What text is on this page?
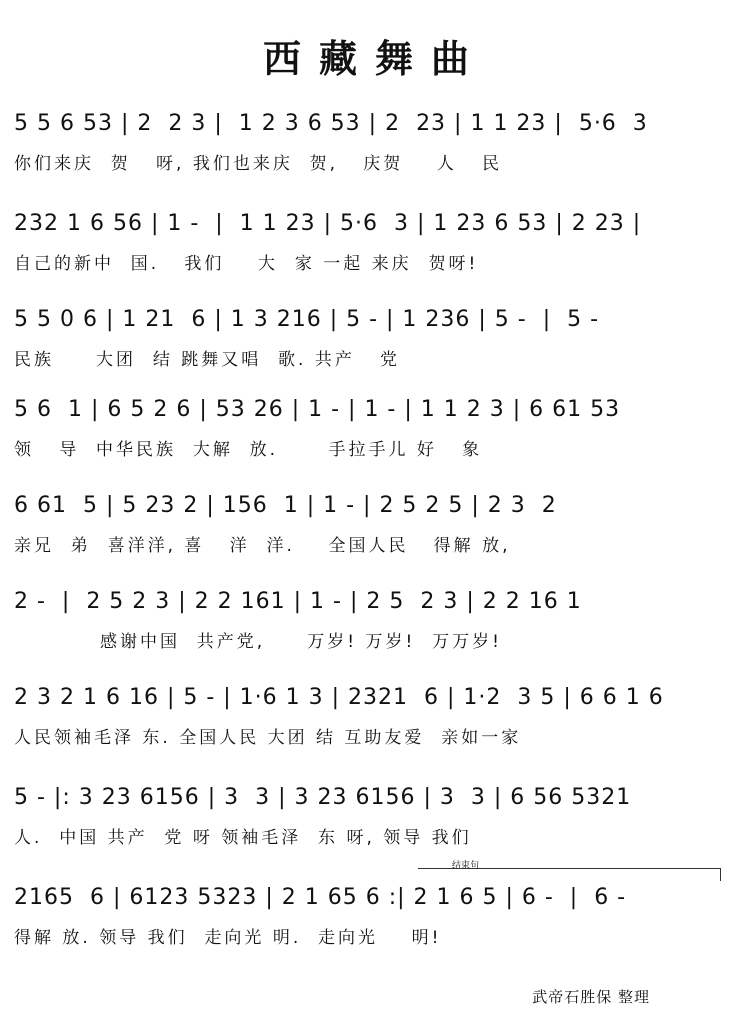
西藏舞曲
5 5 6 53 | 2  2 3 |  1 2 3 6 53 | 2  23 | 1 1 23 |  5·6  3
你们来庆  贺   呀, 我们也来庆  贺,   庆贺    人   民
232 1 6 56 | 1 -  |  1 1 23 | 5·6  3 | 1 23 6 53 | 2 23 |
自己的新中  国.   我们    大  家 一起 来庆  贺呀!
5 5 0 6 | 1 21  6 | 1 3 216 | 5 - | 1 236 | 5 -  |  5 -
民族     大团  结 跳舞又唱  歌. 共产   党
5 6  1 | 6 5 2 6 | 53 26 | 1 - | 1 - | 1 1 2 3 | 6 61 53
领   导  中华民族  大解  放.      手拉手儿 好   象
6 61  5 | 5 23 2 | 156  1 | 1 - | 2 5 2 5 | 2 3  2
亲兄  弟  喜洋洋, 喜   洋  洋.    全国人民   得解 放,
2 -  |  2 5 2 3 | 2 2 161 | 1 - | 2 5  2 3 | 2 2 16 1
感谢中国  共产党,     万岁! 万岁!  万万岁!
2 3 2 1 6 16 | 5 - | 1·6 1 3 | 2321  6 | 1·2  3 5 | 6 6 1 6
人民领袖毛泽 东. 全国人民 大团 结 互助友爱  亲如一家
5 - |: 3 23 6156 | 3  3 | 3 23 6156 | 3  3 | 6 56 5321
人.  中国 共产  党 呀 领袖毛泽  东 呀, 领导 我们
结束句
2165  6 | 6123 5323 | 2 1 65 6 :| 2 1 6 5 | 6 -  |  6 -
得解 放. 领导 我们  走向光 明.  走向光    明!
武帝石胜保 整理
